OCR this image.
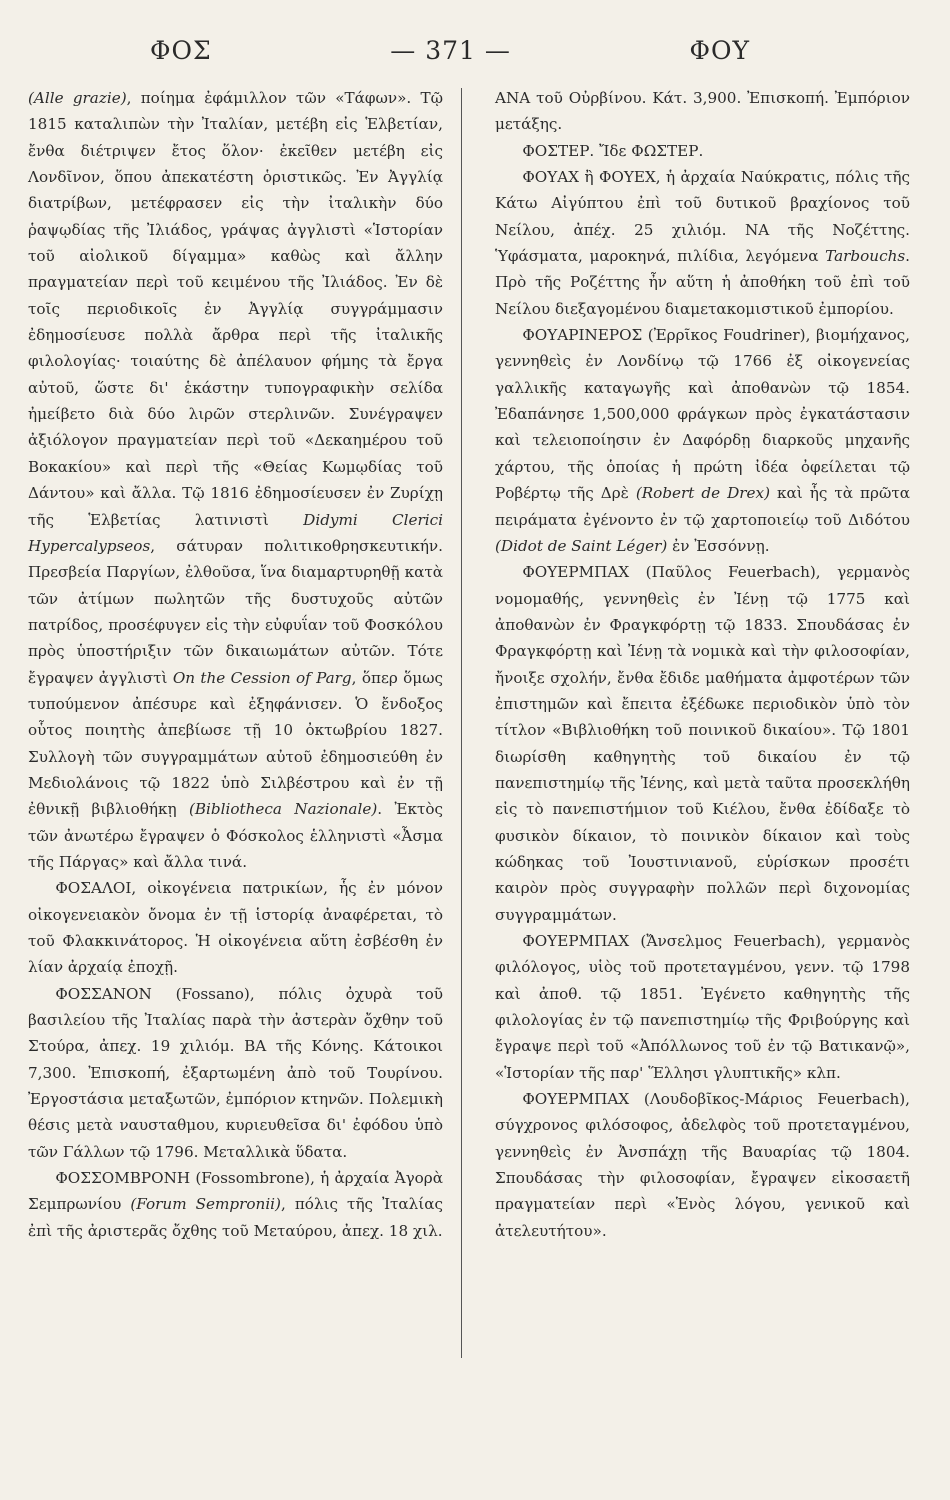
ΦΟΣ	— 371 —	ΦΟΥ

(Alle grazie), ποίημα ἐφάμιλλον τῶν «Τάφων». Τῷ 1815 καταλιπὼν τὴν Ἰταλίαν, μετέβη εἰς Ἑλβετίαν, ἔνθα διέτριψεν ἔτος ὅλον· ἐκεῖθεν μετέβη εἰς Λονδῖνον, ὅπου ἀπεκατέστη ὁριστικῶς. Ἐν Ἀγγλίᾳ διατρίβων, μετέφρασεν εἰς τὴν ἰταλικὴν δύο ῥαψῳδίας τῆς Ἰλιάδος, γράψας ἀγγλιστὶ «Ἱστορίαν τοῦ αἰολικοῦ δίγαμμα» καθὼς καὶ ἄλλην πραγματείαν περὶ τοῦ κειμένου τῆς Ἰλιάδος. Ἐν δὲ τοῖς περιοδικοῖς ἐν Ἀγγλίᾳ συγγράμμασιν ἐδημοσίευσε πολλὰ ἄρθρα περὶ τῆς ἰταλικῆς φιλολογίας· τοιαύτης δὲ ἀπέλαυον φήμης τὰ ἔργα αὐτοῦ, ὥστε δι' ἑκάστην τυπογραφικὴν σελίδα ἠμείβετο διὰ δύο λιρῶν στερλινῶν. Συνέγραψεν ἀξιόλογον πραγματείαν περὶ τοῦ «Δεκαημέρου τοῦ Βοκακίου» καὶ περὶ τῆς «Θείας Κωμῳδίας τοῦ Δάντου» καὶ ἄλλα. Τῷ 1816 ἐδημοσίευσεν ἐν Ζυρίχῃ τῆς Ἑλβετίας λατινιστὶ Didymi Clerici Hypercalypseos, σάτυραν πολιτικοθρησκευτικήν. Πρεσβεία Παργίων, ἐλθοῦσα, ἵνα διαμαρτυρηθῇ κατὰ τῶν ἀτίμων πωλητῶν τῆς δυστυχοῦς αὐτῶν πατρίδος, προσέφυγεν εἰς τὴν εὐφυΐαν τοῦ Φοσκόλου πρὸς ὑποστήριξιν τῶν δικαιωμάτων αὐτῶν. Τότε ἔγραψεν ἀγγλιστὶ On the Cession of Parg, ὅπερ ὅμως τυπούμενον ἀπέσυρε καὶ ἐξηφάνισεν. Ὁ ἔνδοξος οὗτος ποιητὴς ἀπεβίωσε τῇ 10 ὀκτωβρίου 1827. Συλλογὴ τῶν συγγραμμάτων αὐτοῦ ἐδημοσιεύθη ἐν Μεδιολάνοις τῷ 1822 ὑπὸ Σιλβέστρου καὶ ἐν τῇ ἐθνικῇ βιβλιοθήκῃ (Bibliotheca Nazionale). Ἐκτὸς τῶν ἀνωτέρω ἔγραψεν ὁ Φόσκολος ἑλληνιστὶ «Ἆσμα τῆς Πάργας» καὶ ἄλλα τινά.

ΦΟΣΑΛΟΙ, οἰκογένεια πατρικίων, ἧς ἐν μόνον οἰκογενειακὸν ὄνομα ἐν τῇ ἱστορίᾳ ἀναφέρεται, τὸ τοῦ Φλακκινάτορος. Ἡ οἰκογένεια αὕτη ἐσβέσθη ἐν λίαν ἀρχαίᾳ ἐποχῇ.

ΦΟΣΣΑΝΟΝ (Fossano), πόλις ὀχυρὰ τοῦ βασιλείου τῆς Ἰταλίας παρὰ τὴν ἀστερὰν ὄχθην τοῦ Στούρα, ἀπεχ. 19 χιλιόμ. ΒΑ τῆς Κόνης. Κάτοικοι 7,300. Ἐπισκοπή, ἐξαρτωμένη ἀπὸ τοῦ Τουρίνου. Ἐργοστάσια μεταξωτῶν, ἐμπόριον κτηνῶν. Πολεμικὴ θέσις μετὰ ναυσταθμου, κυριευθεῖσα δι' ἐφόδου ὑπὸ τῶν Γάλλων τῷ 1796. Μεταλλικὰ ὕδατα.

ΦΟΣΣΟΜΒΡΟΝΗ (Fossombrone), ἡ ἀρχαία Ἀγορὰ Σεμπρωνίου (Forum Sempronii), πόλις τῆς Ἰταλίας ἐπὶ τῆς ἀριστερᾶς ὄχθης τοῦ Μεταύρου, ἀπεχ. 18 χιλ.

ΑΝΑ τοῦ Οὐρβίνου. Κάτ. 3,900. Ἐπισκοπή. Ἐμπόριον μετάξης.

ΦΟΣΤΕΡ. Ἴδε ΦΩΣΤΕΡ.

ΦΟΥΑΧ ἢ ΦΟΥΕΧ, ἡ ἀρχαία Ναύκρατις, πόλις τῆς Κάτω Αἰγύπτου ἐπὶ τοῦ δυτικοῦ βραχίονος τοῦ Νείλου, ἀπέχ. 25 χιλιόμ. ΝΑ τῆς Νοζέττης. Ὑφάσματα, μαροκηνά, πιλίδια, λεγόμενα Tarbouchs. Πρὸ τῆς Ροζέττης ἦν αὕτη ἡ ἀποθήκη τοῦ ἐπὶ τοῦ Νείλου διεξαγομένου διαμετακομιστικοῦ ἐμπορίου.

ΦΟΥΑΡΙΝΕΡΟΣ (Ἐρρῖκος Foudriner), βιομήχανος, γεννηθεὶς ἐν Λονδίνῳ τῷ 1766 ἐξ οἰκογενείας γαλλικῆς καταγωγῆς καὶ ἀποθανὼν τῷ 1854. Ἐδαπάνησε 1,500,000 φράγκων πρὸς ἐγκατάστασιν καὶ τελειοποίησιν ἐν Δαφόρδῃ διαρκοῦς μηχανῆς χάρτου, τῆς ὁποίας ἡ πρώτη ἰδέα ὀφείλεται τῷ Ροβέρτῳ τῆς Δρὲ (Robert de Drex) καὶ ἧς τὰ πρῶτα πειράματα ἐγένοντο ἐν τῷ χαρτοποιείῳ τοῦ Διδότου (Didot de Saint Léger) ἐν Ἐσσόννῃ.

ΦΟΥΕΡΜΠΑΧ (Παῦλος Feuerbach), γερμανὸς νομομαθής, γεννηθεὶς ἐν Ἰένῃ τῷ 1775 καὶ ἀποθανὼν ἐν Φραγκφόρτῃ τῷ 1833. Σπουδάσας ἐν Φραγκφόρτῃ καὶ Ἰένῃ τὰ νομικὰ καὶ τὴν φιλοσοφίαν, ἤνοιξε σχολήν, ἔνθα ἔδιδε μαθήματα ἀμφοτέρων τῶν ἐπιστημῶν καὶ ἔπειτα ἐξέδωκε περιοδικὸν ὑπὸ τὸν τίτλον «Βιβλιοθήκη τοῦ ποινικοῦ δικαίου». Τῷ 1801 διωρίσθη καθηγητὴς τοῦ δικαίου ἐν τῷ πανεπιστημίῳ τῆς Ἰένης, καὶ μετὰ ταῦτα προσεκλήθη εἰς τὸ πανεπιστήμιον τοῦ Κιέλου, ἔνθα ἐδίδαξε τὸ φυσικὸν δίκαιον, τὸ ποινικὸν δίκαιον καὶ τοὺς κώδηκας τοῦ Ἰουστινιανοῦ, εὑρίσκων προσέτι καιρὸν πρὸς συγγραφὴν πολλῶν περὶ διχονομίας συγγραμμάτων.

ΦΟΥΕΡΜΠΑΧ (Ἄνσελμος Feuerbach), γερμανὸς φιλόλογος, υἱὸς τοῦ προτεταγμένου, γενν. τῷ 1798 καὶ ἀποθ. τῷ 1851. Ἐγένετο καθηγητὴς τῆς φιλολογίας ἐν τῷ πανεπιστημίῳ τῆς Φριβούργης καὶ ἔγραψε περὶ τοῦ «Ἀπόλλωνος τοῦ ἐν τῷ Βατικανῷ», «Ἱστορίαν τῆς παρ' Ἕλλησι γλυπτικῆς» κλπ.

ΦΟΥΕΡΜΠΑΧ (Λουδοβῖκος-Μάριος Feuerbach), σύγχρονος φιλόσοφος, ἀδελφὸς τοῦ προτεταγμένου, γεννηθεὶς ἐν Ἀνσπάχῃ τῆς Βαυαρίας τῷ 1804. Σπουδάσας τὴν φιλοσοφίαν, ἔγραψεν εἰκοσαετῆ πραγματείαν περὶ «Ἑνὸς λόγου, γενικοῦ καὶ ἀτελευτήτου».
